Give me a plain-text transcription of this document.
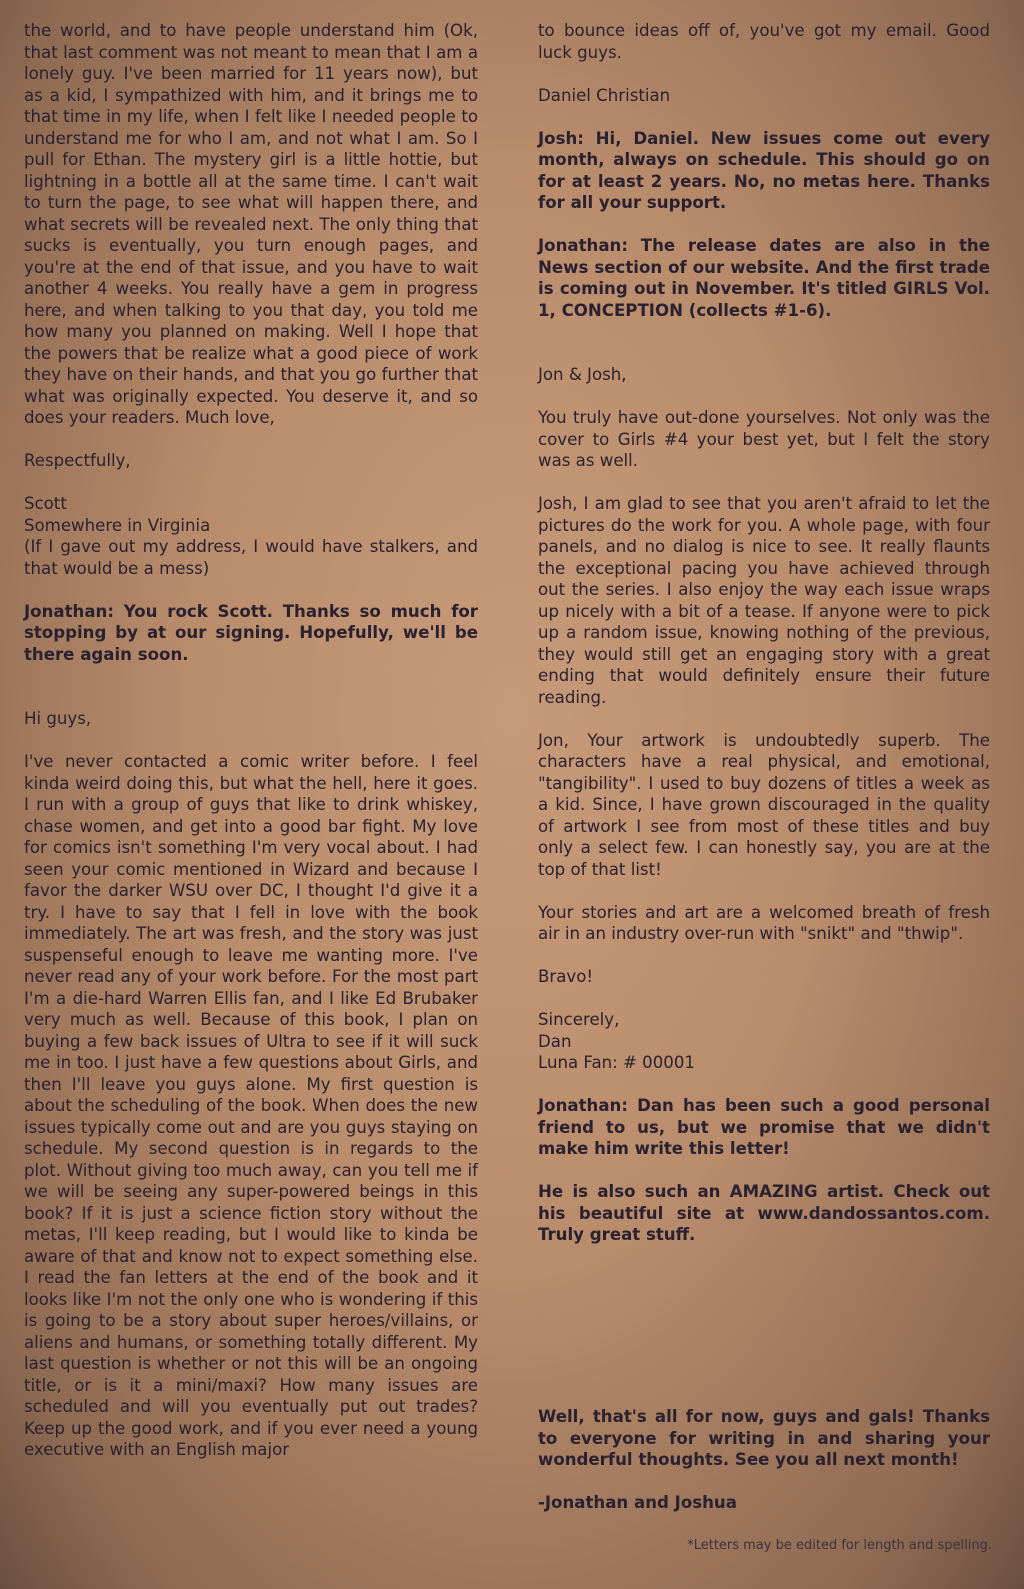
the world, and to have people understand him (Ok, that last comment was not meant to mean that I am a lonely guy. I've been married for 11 years now), but as a kid, I sympathized with him, and it brings me to that time in my life, when I felt like I needed people to understand me for who I am, and not what I am. So I pull for Ethan. The mystery girl is a little hottie, but lightning in a bottle all at the same time. I can't wait to turn the page, to see what will happen there, and what secrets will be revealed next. The only thing that sucks is eventually, you turn enough pages, and you're at the end of that issue, and you have to wait another 4 weeks. You really have a gem in progress here, and when talking to you that day, you told me how many you planned on making. Well I hope that the powers that be realize what a good piece of work they have on their hands, and that you go further that what was originally expected. You deserve it, and so does your readers. Much love,

Respectfully,

Scott
Somewhere in Virginia
(If I gave out my address, I would have stalkers, and that would be a mess)

Jonathan: You rock Scott. Thanks so much for stopping by at our signing. Hopefully, we'll be there again soon.

Hi guys,

I've never contacted a comic writer before. I feel kinda weird doing this, but what the hell, here it goes. I run with a group of guys that like to drink whiskey, chase women, and get into a good bar fight. My love for comics isn't something I'm very vocal about. I had seen your comic mentioned in Wizard and because I favor the darker WSU over DC, I thought I'd give it a try. I have to say that I fell in love with the book immediately. The art was fresh, and the story was just suspenseful enough to leave me wanting more. I've never read any of your work before. For the most part I'm a die-hard Warren Ellis fan, and I like Ed Brubaker very much as well. Because of this book, I plan on buying a few back issues of Ultra to see if it will suck me in too. I just have a few questions about Girls, and then I'll leave you guys alone. My first question is about the scheduling of the book. When does the new issues typically come out and are you guys staying on schedule. My second question is in regards to the plot. Without giving too much away, can you tell me if we will be seeing any super-powered beings in this book? If it is just a science fiction story without the metas, I'll keep reading, but I would like to kinda be aware of that and know not to expect something else. I read the fan letters at the end of the book and it looks like I'm not the only one who is wondering if this is going to be a story about super heroes/villains, or aliens and humans, or something totally different. My last question is whether or not this will be an ongoing title, or is it a mini/maxi? How many issues are scheduled and will you eventually put out trades? Keep up the good work, and if you ever need a young executive with an English major

to bounce ideas off of, you've got my email. Good luck guys.

Daniel Christian

Josh: Hi, Daniel. New issues come out every month, always on schedule. This should go on for at least 2 years. No, no metas here. Thanks for all your support.

Jonathan: The release dates are also in the News section of our website. And the first trade is coming out in November. It's titled GIRLS Vol. 1, CONCEPTION (collects #1-6).

Jon & Josh,

You truly have out-done yourselves. Not only was the cover to Girls #4 your best yet, but I felt the story was as well.

Josh, I am glad to see that you aren't afraid to let the pictures do the work for you. A whole page, with four panels, and no dialog is nice to see. It really flaunts the exceptional pacing you have achieved through out the series. I also enjoy the way each issue wraps up nicely with a bit of a tease. If anyone were to pick up a random issue, knowing nothing of the previous, they would still get an engaging story with a great ending that would definitely ensure their future reading.

Jon, Your artwork is undoubtedly superb. The characters have a real physical, and emotional, "tangibility". I used to buy dozens of titles a week as a kid. Since, I have grown discouraged in the quality of artwork I see from most of these titles and buy only a select few. I can honestly say, you are at the top of that list!

Your stories and art are a welcomed breath of fresh air in an industry over-run with "snikt" and "thwip".

Bravo!

Sincerely,
Dan
Luna Fan: # 00001

Jonathan: Dan has been such a good personal friend to us, but we promise that we didn't make him write this letter!

He is also such an AMAZING artist. Check out his beautiful site at www.dandossantos.com. Truly great stuff.

Well, that's all for now, guys and gals! Thanks to everyone for writing in and sharing your wonderful thoughts. See you all next month!

-Jonathan and Joshua

*Letters may be edited for length and spelling.
